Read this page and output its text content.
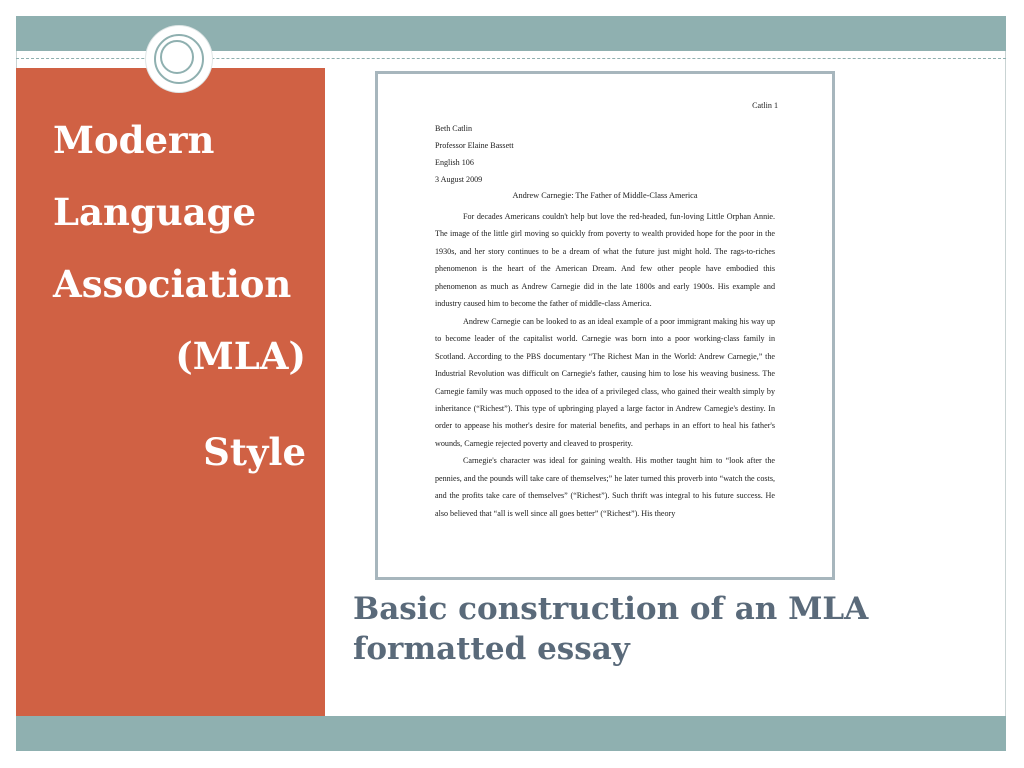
Modern
Language
Association
(MLA)
Style
Catlin 1
Beth Catlin
Professor Elaine Bassett
English 106
3 August 2009
Andrew Carnegie: The Father of Middle-Class America

For decades Americans couldn't help but love the red-headed, fun-loving Little Orphan Annie. The image of the little girl moving so quickly from poverty to wealth provided hope for the poor in the 1930s, and her story continues to be a dream of what the future just might hold. The rags-to-riches phenomenon is the heart of the American Dream. And few other people have embodied this phenomenon as much as Andrew Carnegie did in the late 1800s and early 1900s. His example and industry caused him to become the father of middle-class America.

Andrew Carnegie can be looked to as an ideal example of a poor immigrant making his way up to become leader of the capitalist world. Carnegie was born into a poor working-class family in Scotland. According to the PBS documentary “The Richest Man in the World: Andrew Carnegie,” the Industrial Revolution was difficult on Carnegie's father, causing him to lose his weaving business. The Carnegie family was much opposed to the idea of a privileged class, who gained their wealth simply by inheritance (“Richest”). This type of upbringing played a large factor in Andrew Carnegie's destiny. In order to appease his mother's desire for material benefits, and perhaps in an effort to heal his father's wounds, Carnegie rejected poverty and cleaved to prosperity.

Carnegie's character was ideal for gaining wealth. His mother taught him to “look after the pennies, and the pounds will take care of themselves;” he later turned this proverb into “watch the costs, and the profits take care of themselves” (“Richest”). Such thrift was integral to his future success. He also believed that “all is well since all goes better” (“Richest”). His theory

Basic construction of an MLA formatted essay
